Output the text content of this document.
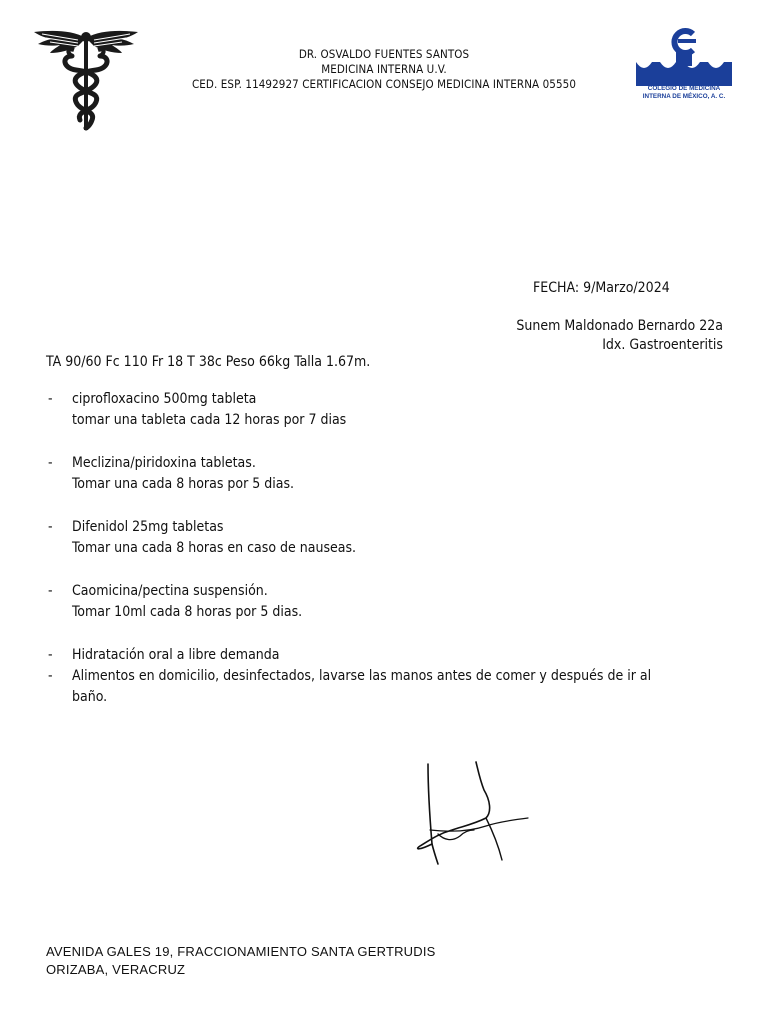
DR. OSVALDO FUENTES SANTOS
MEDICINA INTERNA U.V.
CED. ESP. 11492927 CERTIFICACION CONSEJO MEDICINA INTERNA 05550	COLEGIO DE MEDICINA
INTERNA DE MÉXICO, A. C.
FECHA: 9/Marzo/2024
Sunem Maldonado Bernardo 22a
Idx. Gastroenteritis
TA 90/60 Fc 110 Fr 18 T 38c Peso 66kg Talla 1.67m.
- ciprofloxacino 500mg tableta
tomar una tableta cada 12 horas por 7 dias
- Meclizina/piridoxina tabletas.
Tomar una cada 8 horas por 5 dias.
- Difenidol 25mg tabletas
Tomar una cada 8 horas en caso de nauseas.
- Caomicina/pectina suspensión.
Tomar 10ml cada 8 horas por 5 dias.
- Hidratación oral a libre demanda
- Alimentos en domicilio, desinfectados, lavarse las manos antes de comer y después de ir al
baño.
AVENIDA GALES 19, FRACCIONAMIENTO SANTA GERTRUDIS
ORIZABA, VERACRUZ
